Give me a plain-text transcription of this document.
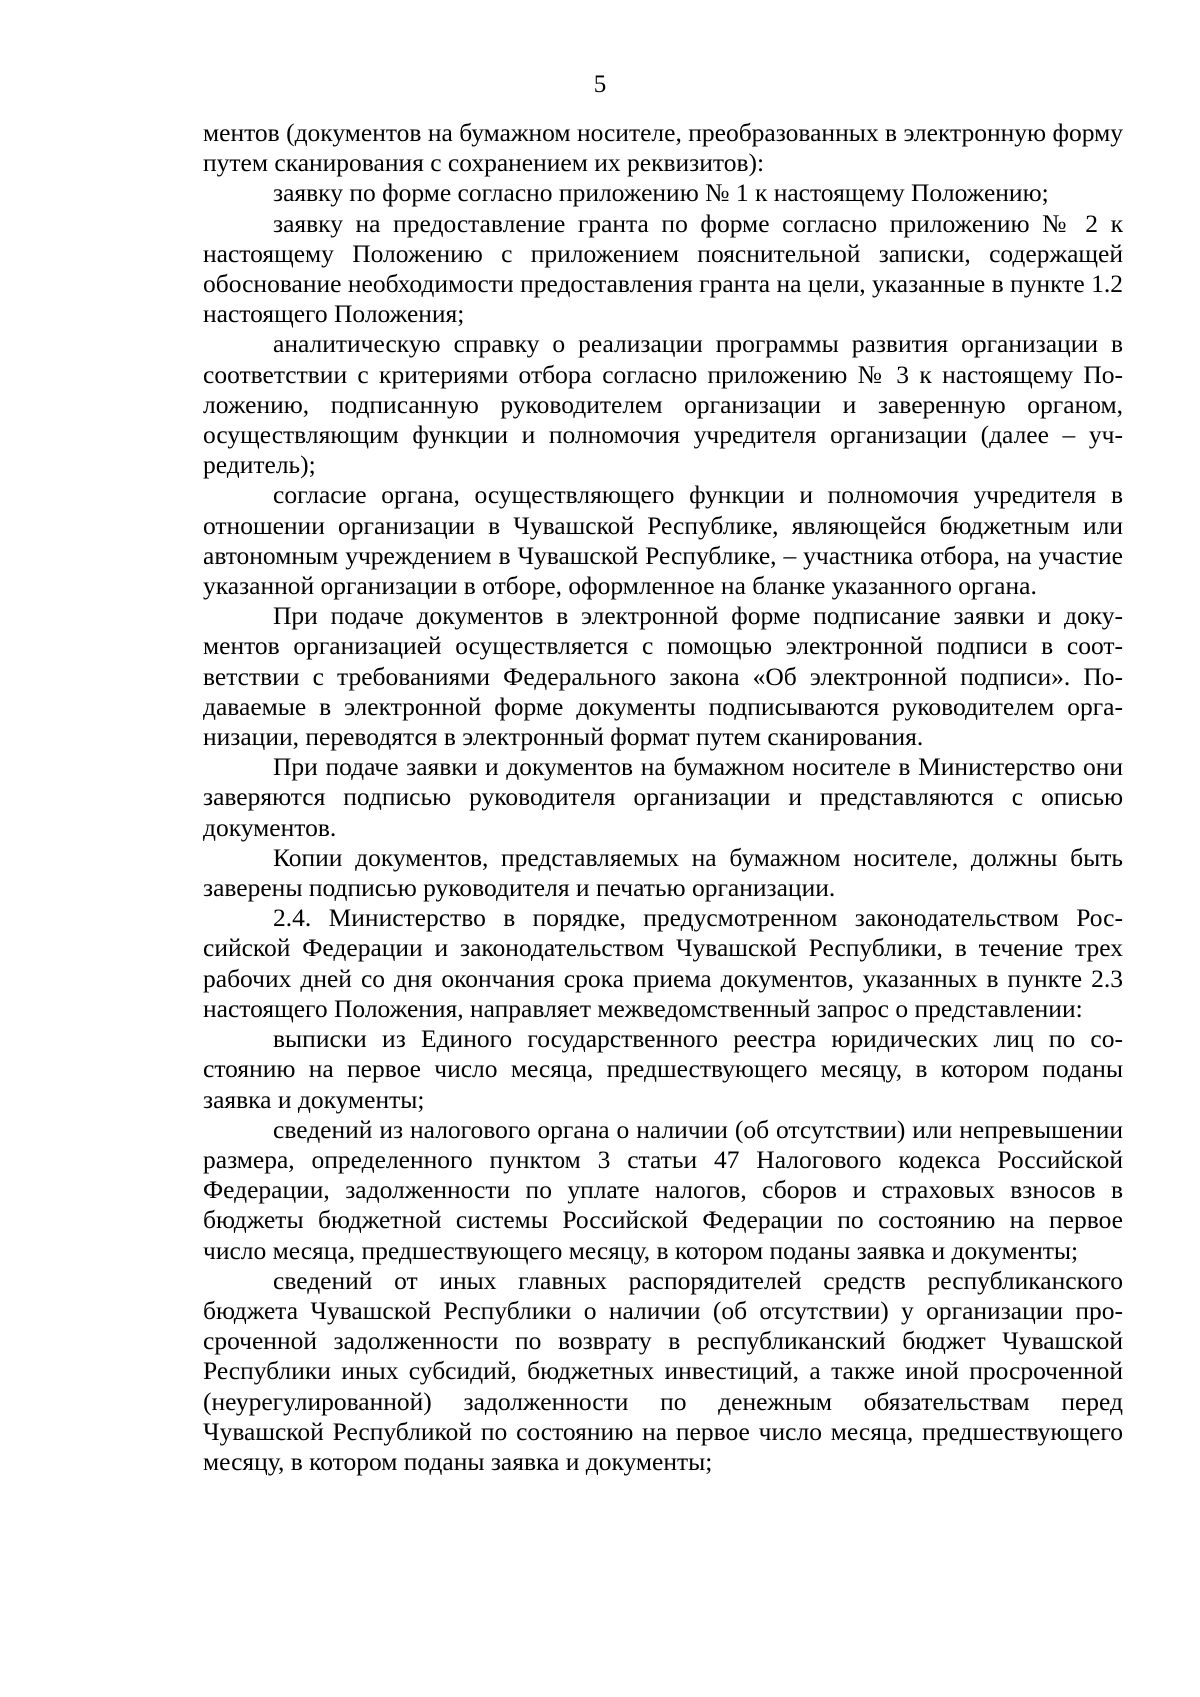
5

ментов (документов на бумажном носителе, преобразованных в электронную форму путем сканирования с сохранением их реквизитов):

заявку по форме согласно приложению № 1 к настоящему Положению;

заявку на предоставление гранта по форме согласно приложению № 2 к настоящему Положению с приложением пояснительной записки, содержащей обоснование необходимости предоставления гранта на цели, указанные в пункте 1.2 настоящего Положения;

аналитическую справку о реализации программы развития организации в соответствии с критериями отбора согласно приложению № 3 к настоящему Положению, подписанную руководителем организации и заверенную органом, осуществляющим функции и полномочия учредителя организации (далее – учредитель);

согласие органа, осуществляющего функции и полномочия учредителя в отношении организации в Чувашской Республике, являющейся бюджетным или автономным учреждением в Чувашской Республике, – участника отбора, на участие указанной организации в отборе, оформленное на бланке указанного органа.

При подаче документов в электронной форме подписание заявки и документов организацией осуществляется с помощью электронной подписи в соответствии с требованиями Федерального закона «Об электронной подписи». Подаваемые в электронной форме документы подписываются руководителем организации, переводятся в электронный формат путем сканирования.

При подаче заявки и документов на бумажном носителе в Министерство они заверяются подписью руководителя организации и представляются с описью документов.

Копии документов, представляемых на бумажном носителе, должны быть заверены подписью руководителя и печатью организации.

2.4. Министерство в порядке, предусмотренном законодательством Российской Федерации и законодательством Чувашской Республики, в течение трех рабочих дней со дня окончания срока приема документов, указанных в пункте 2.3 настоящего Положения, направляет межведомственный запрос о представлении:

выписки из Единого государственного реестра юридических лиц по состоянию на первое число месяца, предшествующего месяцу, в котором поданы заявка и документы;

сведений из налогового органа о наличии (об отсутствии) или непревышении размера, определенного пунктом 3 статьи 47 Налогового кодекса Российской Федерации, задолженности по уплате налогов, сборов и страховых взносов в бюджеты бюджетной системы Российской Федерации по состоянию на первое число месяца, предшествующего месяцу, в котором поданы заявка и документы;

сведений от иных главных распорядителей средств республиканского бюджета Чувашской Республики о наличии (об отсутствии) у организации просроченной задолженности по возврату в республиканский бюджет Чувашской Республики иных субсидий, бюджетных инвестиций, а также иной просроченной (неурегулированной) задолженности по денежным обязательствам перед Чувашской Республикой по состоянию на первое число месяца, предшествующего месяцу, в котором поданы заявка и документы;
